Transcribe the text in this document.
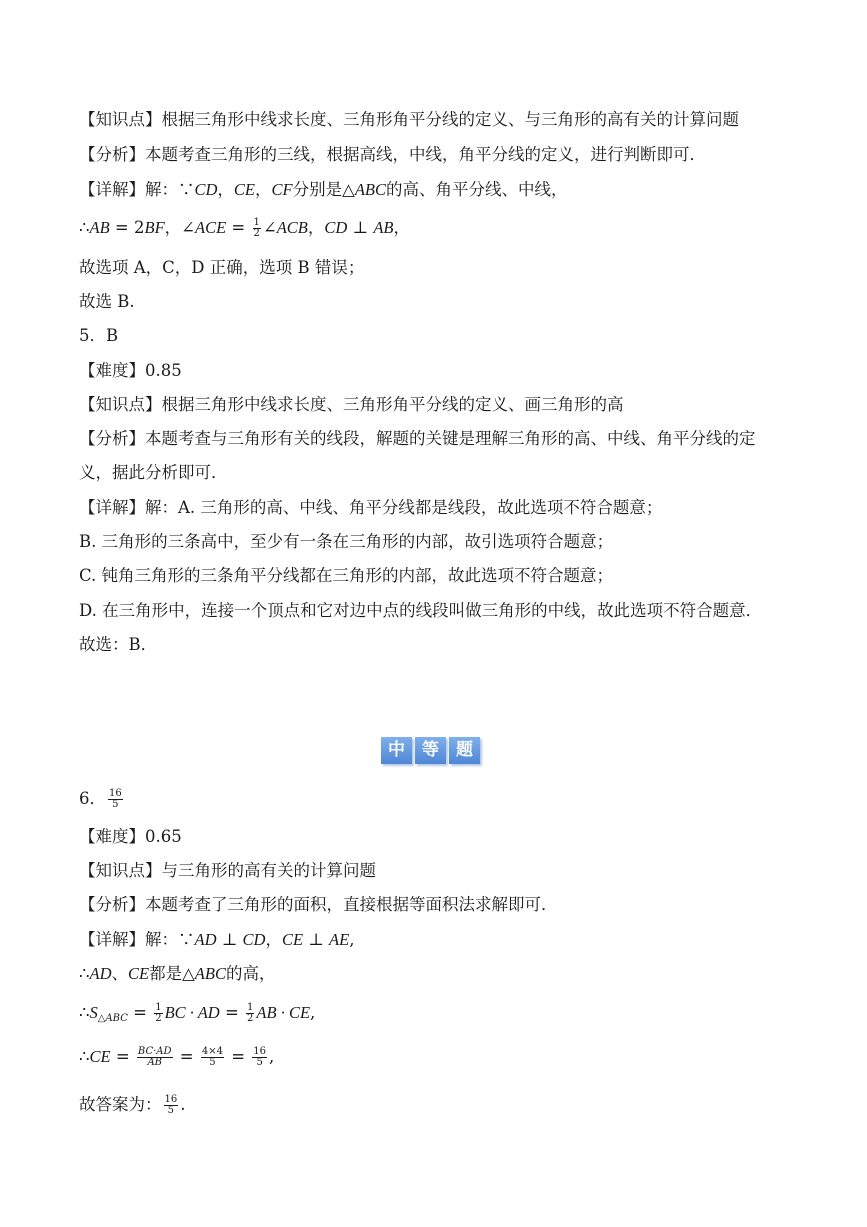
【知识点】根据三角形中线求长度、三角形角平分线的定义、与三角形的高有关的计算问题
【分析】本题考查三角形的三线，根据高线，中线，角平分线的定义，进行判断即可．
【详解】解：∵CD，CE，CF分别是△ABC的高、角平分线、中线，
∴AB = 2BF，∠ACE = $\frac{1}{2}$ ∠ACB，CD ⊥ AB，
故选项 A，C，D 正确，选项 B 错误；
故选 B.
5．B
【难度】0.85
【知识点】根据三角形中线求长度、三角形角平分线的定义、画三角形的高
【分析】本题考查与三角形有关的线段，解题的关键是理解三角形的高、中线、角平分线的定
义，据此分析即可．
【详解】解：A. 三角形的高、中线、角平分线都是线段，故此选项不符合题意；
B. 三角形的三条高中，至少有一条在三角形的内部，故引选项符合题意；
C. 钝角三角形的三条角平分线都在三角形的内部，故此选项不符合题意；
D. 在三角形中，连接一个顶点和它对边中点的线段叫做三角形的中线，故此选项不符合题意．
故选：B．
中	等	题
6． $\frac{16}{5}$
【难度】0.65
【知识点】与三角形的高有关的计算问题
【分析】本题考查了三角形的面积，直接根据等面积法求解即可．
【详解】解：∵AD ⊥ CD，CE ⊥ AE,
∴AD、CE都是△ABC的高，
$\therefore S_{\triangle ABC} = \frac{1}{2}$ BC · AD = $\frac{1}{2}$ AB · CE,
∴CE = $\frac{BC\cdot AD}{AB} = \frac{4\times 4}{5} = \frac{16}{5}$ ,
故答案为： $\frac{16}{5}$ .
